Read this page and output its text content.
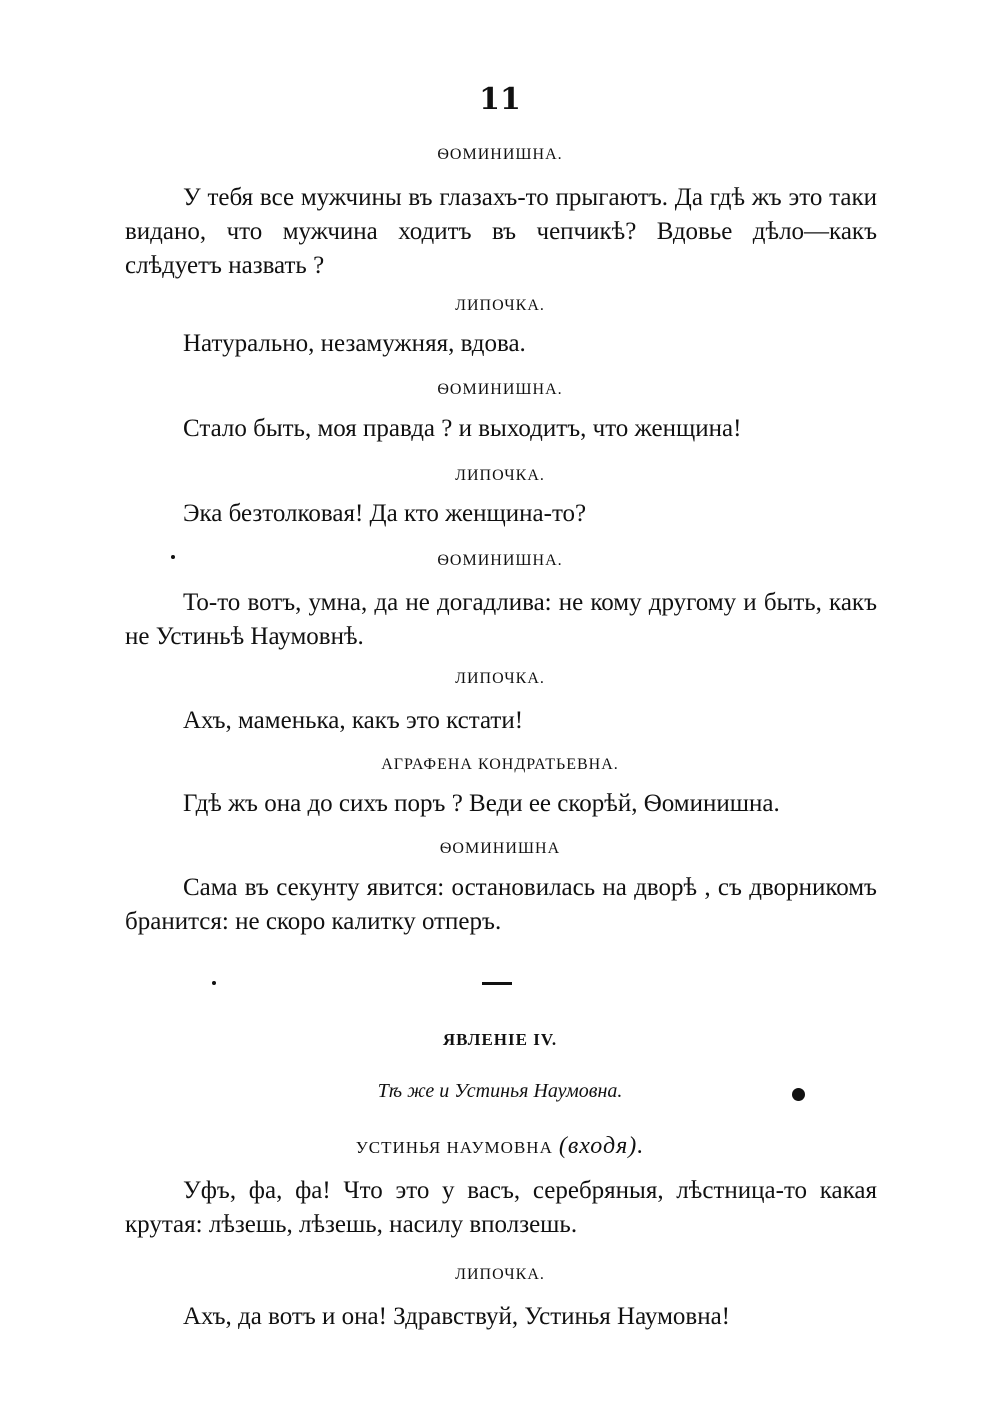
11
ѲОМИНИШНА.
У тебя все мужчины въ глазахъ-то прыгаютъ. Да гдѣ жъ это таки видано, что мужчина ходитъ въ чепчикѣ? Вдовье дѣло—какъ слѣдуетъ назвать ?
ЛИПОЧКА.
Натурально, незамужняя, вдова.
ѲОМИНИШНА.
Стало быть, моя правда ? и выходитъ, что женщина!
ЛИПОЧКА.
Эка безтолковая! Да кто женщина-то?
ѲОМИНИШНА.
То-то вотъ, умна, да не догадлива: не кому другому и быть, какъ не Устиньѣ Наумовнѣ.
ЛИПОЧКА.
Ахъ, маменька, какъ это кстати!
АГРАФЕНА КОНДРАТЬЕВНА.
Гдѣ жъ она до сихъ поръ ? Веди ее скорѣй, Ѳоминишна.
ѲОМИНИШНА
Сама въ секунту явится: остановилась на дворѣ , съ дворникомъ бранится: не скоро калитку отперъ.
ЯВЛЕНІЕ IV.
Тѣ же и Устинья Наумовна.
УСТИНЬЯ НАУМОВНА (входя).
Уфъ, фа, фа! Что это у васъ, серебряныя, лѣстница-то какая крутая: лѣзешь, лѣзешь, насилу вползешь.
ЛИПОЧКА.
Ахъ, да вотъ и она! Здравствуй, Устинья Наумовна!
